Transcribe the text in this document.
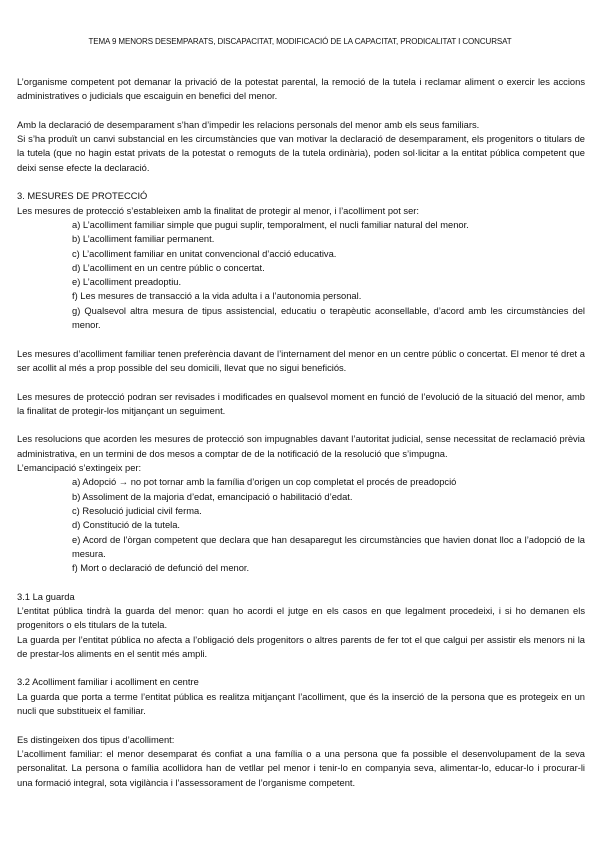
TEMA 9 MENORS DESEMPARATS, DISCAPACITAT, MODIFICACIÓ DE LA CAPACITAT, PRODICALITAT I CONCURSAT

L’organisme competent pot demanar la privació de la potestat parental, la remoció de la tutela i reclamar aliment o exercir les accions administratives o judicials que escaiguin en benefici del menor.

Amb la declaració de desemparament s’han d’impedir les relacions personals del menor amb els seus familiars.

Si s’ha produït un canvi substancial en les circumstàncies que van motivar la declaració de desemparament, els progenitors o titulars de la tutela (que no hagin estat privats de la potestat o remoguts de la tutela ordinària), poden sol·licitar a la entitat pública competent que deixi sense efecte la declaració.

3. MESURES DE PROTECCIÓ
Les mesures de protecció s’estableixen amb la finalitat de protegir al menor, i l’acolliment pot ser:
a) L’acolliment familiar simple que pugui suplir, temporalment, el nucli familiar natural del menor.
b) L’acolliment familiar permanent.
c) L’acolliment familiar en unitat convencional d’acció educativa.
d) L’acolliment en un centre públic o concertat.
e) L’acolliment preadoptiu.
f) Les mesures de transacció a la vida adulta i a l’autonomia personal.
g) Qualsevol altra mesura de tipus assistencial, educatiu o terapèutic aconsellable, d’acord amb les circumstàncies del menor.

Les mesures d’acolliment familiar tenen preferència davant de l’internament del menor en un centre públic o concertat. El menor té dret a ser acollit al més a prop possible del seu domicili, llevat que no sigui beneficiós.

Les mesures de protecció podran ser revisades i modificades en qualsevol moment en funció de l’evolució de la situació del menor, amb la finalitat de protegir-los mitjançant un seguiment.

Les resolucions que acorden les mesures de protecció son impugnables davant l’autoritat judicial, sense necessitat de reclamació prèvia administrativa, en un termini de dos mesos a comptar de de la notificació de la resolució que s’impugna.

L’emancipació s’extingeix per:
a) Adopció → no pot tornar amb la família d’origen un cop completat el procés de preadopció
b) Assoliment de la majoria d’edat, emancipació o habilitació d’edat.
c) Resolució judicial civil ferma.
d) Constitució de la tutela.
e) Acord de l’òrgan competent que declara que han desaparegut les circumstàncies que havien donat lloc a l’adopció de la mesura.
f) Mort o declaració de defunció del menor.
3.1 La guarda

L’entitat pública tindrà la guarda del menor: quan ho acordi el jutge en els casos en que legalment procedeixi, i si ho demanen els progenitors o els titulars de la tutela.

La guarda per l’entitat pública no afecta a l’obligació dels progenitors o altres parents de fer tot el que calgui per assistir els menors ni la de prestar-los aliments en el sentit més ampli.

3.2 Acolliment familiar i acolliment en centre

La guarda que porta a terme l’entitat pública es realitza mitjançant l’acolliment, que és la inserció de la persona que es protegeix en un nucli que substitueix el familiar.

Es distingeixen dos tipus d’acolliment:

L’acolliment familiar: el menor desemparat és confiat a una família o a una persona que fa possible el desenvolupament de la seva personalitat. La persona o família acollidora han de vetllar pel menor i tenir-lo en companyia seva, alimentar-lo, educar-lo i procurar-li una formació integral, sota vigilància i l’assessorament de l’organisme competent.
